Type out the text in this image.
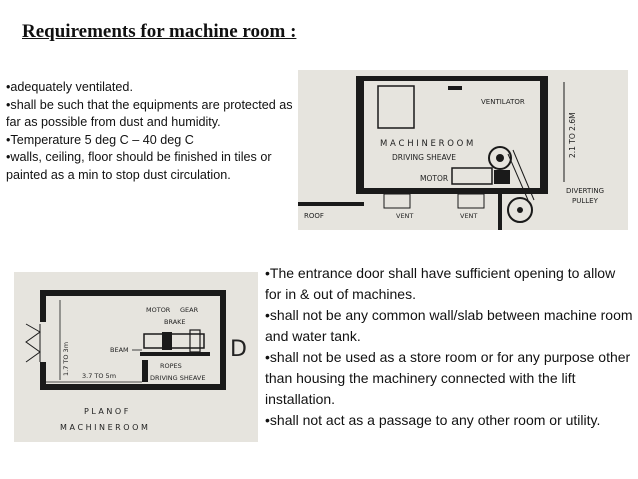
Requirements for machine room :

•adequately ventilated.

•shall be such that the equipments are protected as far as possible from dust and humidity.

•Temperature 5 deg C – 40 deg C

•walls, ceiling, floor should be finished in tiles or painted as a min to stop dust circulation.

VENTILATOR
M A C H I N E R O O M
DRIVING SHEAVE
MOTOR
2.1 TO 2.6M
ROOF	VENT	VENT
DIVERTING
PULLEY
1.7 TO 3m
MOTOR GEAR
BRAKE
BEAM
ROPES
DRIVING SHEAVE
3.7 TO 5m
D
P L A N O F
M A C H I N E R O O M

•The entrance door shall have sufficient opening to allow for in & out of machines.

•shall not be any common wall/slab between machine room and water tank.

•shall not be used as a store room or for any purpose other than housing the machinery connected with the lift installation.

•shall not act as a passage to any other room or utility.
